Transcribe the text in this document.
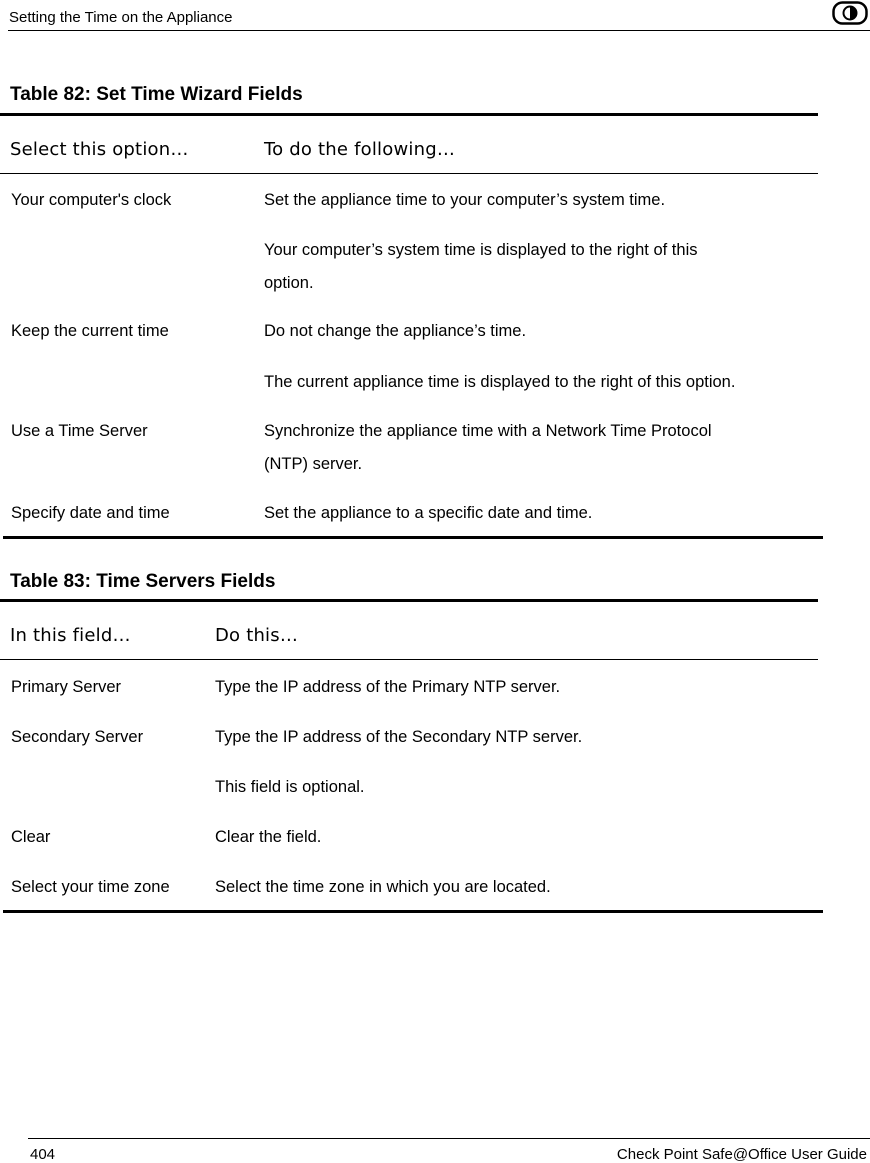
Setting the Time on the Appliance
Table 82: Set Time Wizard Fields
Select this option…	To do the following…
Your computer's clock	Set the appliance time to your computer’s system time.
Your computer’s system time is displayed to the right of this
option.
Keep the current time	Do not change the appliance’s time.
The current appliance time is displayed to the right of this option.
Use a Time Server	Synchronize the appliance time with a Network Time Protocol
(NTP) server.
Specify date and time	Set the appliance to a specific date and time.
Table 83: Time Servers Fields
In this field…	Do this…
Primary Server	Type the IP address of the Primary NTP server.
Secondary Server	Type the IP address of the Secondary NTP server.
This field is optional.
Clear	Clear the field.
Select your time zone	Select the time zone in which you are located.
404	Check Point Safe@Office User Guide
